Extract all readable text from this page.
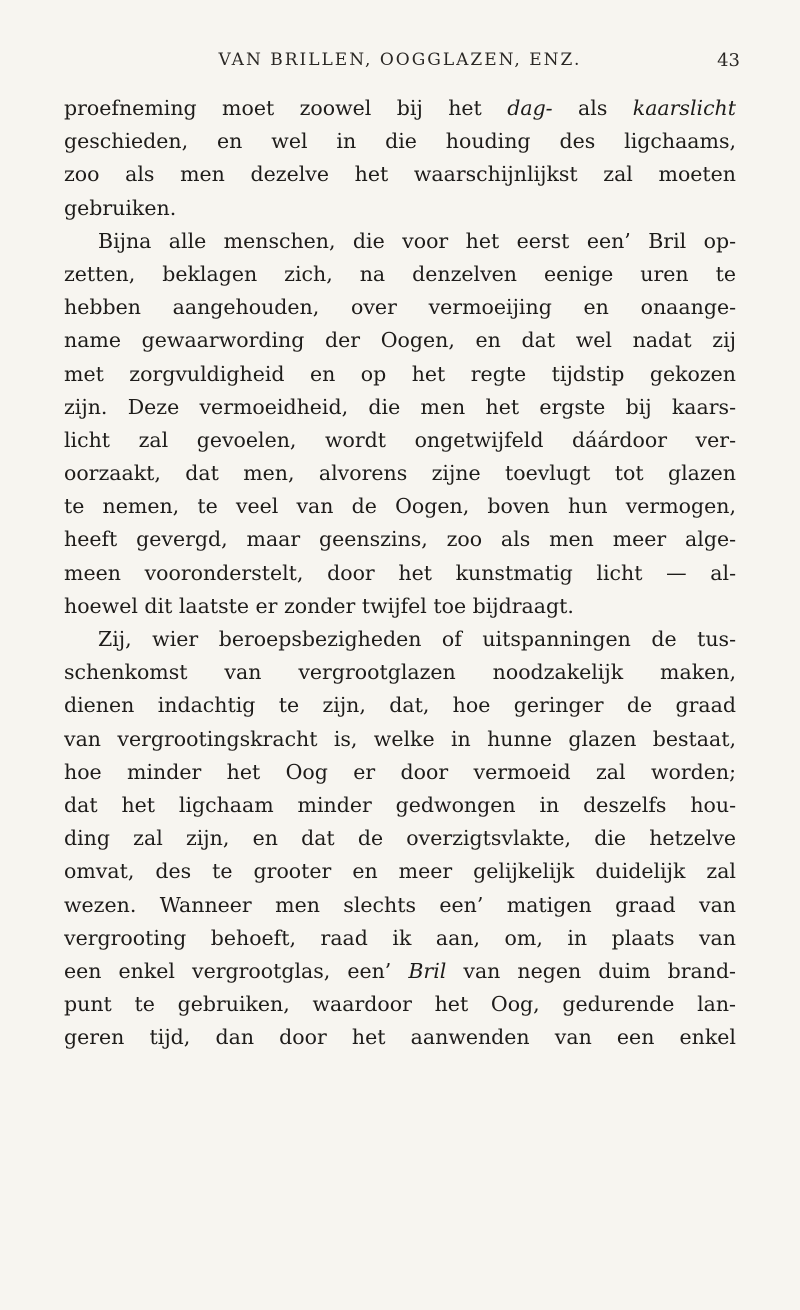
VAN BRILLEN, OOGGLAZEN, ENZ.	43
proefneming moet zoowel bij het dag- als kaarslicht
geschieden, en wel in die houding des ligchaams,
zoo als men dezelve het waarschijnlijkst zal moeten
gebruiken.
Bijna alle menschen, die voor het eerst een’ Bril op-
zetten, beklagen zich, na denzelven eenige uren te
hebben aangehouden, over vermoeijing en onaange-
name gewaarwording der Oogen, en dat wel nadat zij
met zorgvuldigheid en op het regte tijdstip gekozen
zijn. Deze vermoeidheid, die men het ergste bij kaars-
licht zal gevoelen, wordt ongetwijfeld dáárdoor ver-
oorzaakt, dat men, alvorens zijne toevlugt tot glazen
te nemen, te veel van de Oogen, boven hun vermogen,
heeft gevergd, maar geenszins, zoo als men meer alge-
meen vooronderstelt, door het kunstmatig licht — al-
hoewel dit laatste er zonder twijfel toe bijdraagt.
Zij, wier beroepsbezigheden of uitspanningen de tus-
schenkomst van vergrootglazen noodzakelijk maken,
dienen indachtig te zijn, dat, hoe geringer de graad
van vergrootingskracht is, welke in hunne glazen bestaat,
hoe minder het Oog er door vermoeid zal worden;
dat het ligchaam minder gedwongen in deszelfs hou-
ding zal zijn, en dat de overzigtsvlakte, die hetzelve
omvat, des te grooter en meer gelijkelijk duidelijk zal
wezen. Wanneer men slechts een’ matigen graad van
vergrooting behoeft, raad ik aan, om, in plaats van
een enkel vergrootglas, een’ Bril van negen duim brand-
punt te gebruiken, waardoor het Oog, gedurende lan-
geren tijd, dan door het aanwenden van een enkel
